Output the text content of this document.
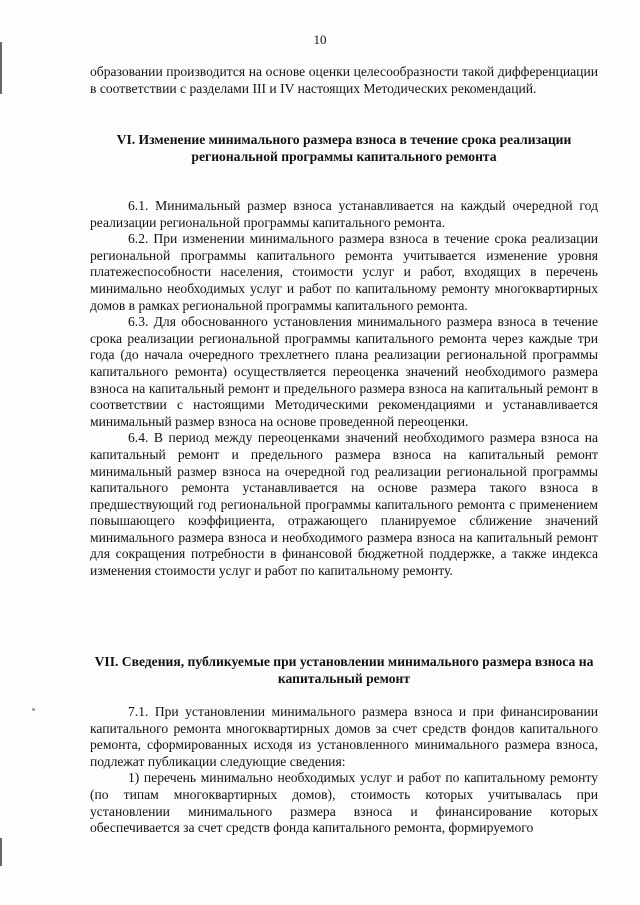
10

образовании производится на основе оценки целесообразности такой дифференциации в соответствии с разделами III и IV настоящих Методических рекомендаций.

VI. Изменение минимального размера взноса в течение срока реализации региональной программы капитального ремонта

6.1. Минимальный размер взноса устанавливается на каждый очередной год реализации региональной программы капитального ремонта.

6.2. При изменении минимального размера взноса в течение срока реализации региональной программы капитального ремонта учитывается изменение уровня платежеспособности населения, стоимости услуг и работ, входящих в перечень минимально необходимых услуг и работ по капитальному ремонту многоквартирных домов в рамках региональной программы капитального ремонта.

6.3. Для обоснованного установления минимального размера взноса в течение срока реализации региональной программы капитального ремонта через каждые три года (до начала очередного трехлетнего плана реализации региональной программы капитального ремонта) осуществляется переоценка значений необходимого размера взноса на капитальный ремонт и предельного размера взноса на капитальный ремонт в соответствии с настоящими Методическими рекомендациями и устанавливается минимальный размер взноса на основе проведенной переоценки.

6.4. В период между переоценками значений необходимого размера взноса на капитальный ремонт и предельного размера взноса на капитальный ремонт минимальный размер взноса на очередной год реализации региональной программы капитального ремонта устанавливается на основе размера такого взноса в предшествующий год региональной программы капитального ремонта с применением повышающего коэффициента, отражающего планируемое сближение значений минимального размера взноса и необходимого размера взноса на капитальный ремонт для сокращения потребности в финансовой бюджетной поддержке, а также индекса изменения стоимости услуг и работ по капитальному ремонту.

VII. Сведения, публикуемые при установлении минимального размера взноса на капитальный ремонт

7.1. При установлении минимального размера взноса и при финансировании капитального ремонта многоквартирных домов за счет средств фондов капитального ремонта, сформированных исходя из установленного минимального размера взноса, подлежат публикации следующие сведения:

1) перечень минимально необходимых услуг и работ по капитальному ремонту (по типам многоквартирных домов), стоимость которых учитывалась при установлении минимального размера взноса и финансирование которых обеспечивается за счет средств фонда капитального ремонта, формируемого
